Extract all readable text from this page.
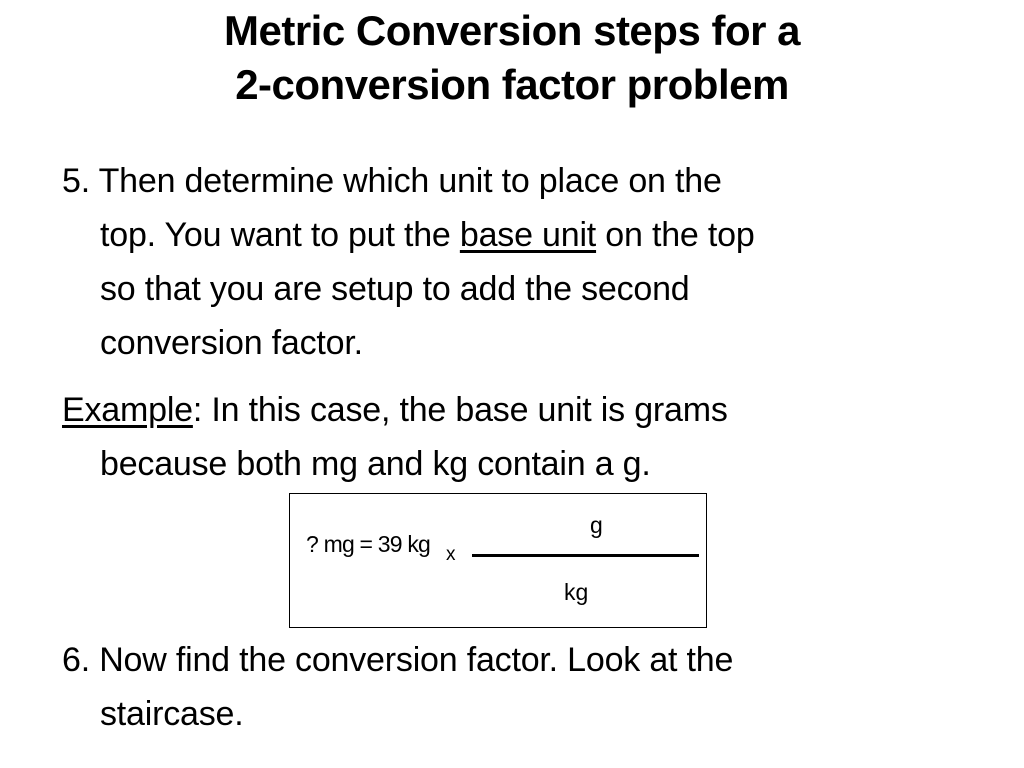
Metric Conversion steps for a
2-conversion factor problem
5. Then determine which unit to place on the
top. You want to put the base unit on the top
so that you are setup to add the second
conversion factor.
Example: In this case, the base unit is grams
because both mg and kg contain a g.
? mg = 39 kg x
g
kg
6. Now find the conversion factor. Look at the
staircase.
